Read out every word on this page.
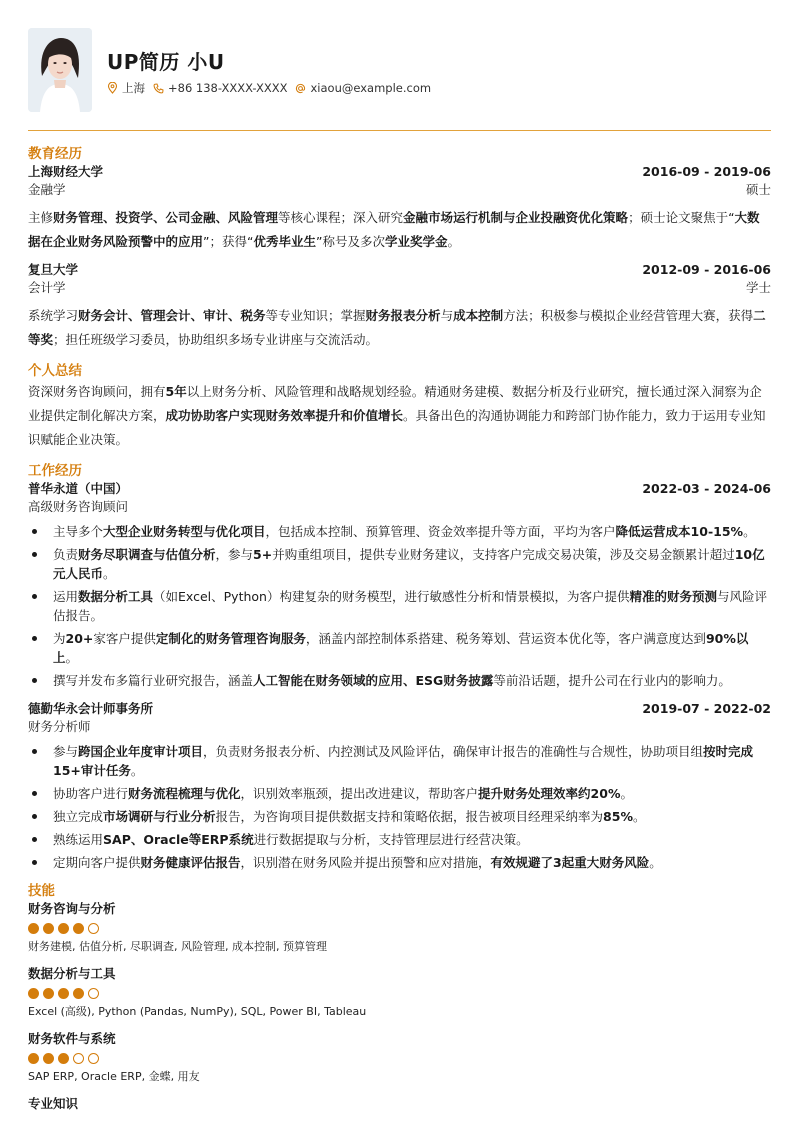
UP简历 小U
上海 +86 138-XXXX-XXXX xiaou@example.com
教育经历
上海财经大学	2016-09 - 2019-06
金融学	硕士
主修财务管理、投资学、公司金融、风险管理等核心课程；深入研究金融市场运行机制与企业投融资优化策略；硕士论文聚焦于“大数据在企业财务风险预警中的应用”；获得“优秀毕业生”称号及多次学业奖学金。
复旦大学	2012-09 - 2016-06
会计学	学士
系统学习财务会计、管理会计、审计、税务等专业知识；掌握财务报表分析与成本控制方法；积极参与模拟企业经营管理大赛，获得二等奖；担任班级学习委员，协助组织多场专业讲座与交流活动。
个人总结
资深财务咨询顾问，拥有5年以上财务分析、风险管理和战略规划经验。精通财务建模、数据分析及行业研究，擅长通过深入洞察为企业提供定制化解决方案，成功协助客户实现财务效率提升和价值增长。具备出色的沟通协调能力和跨部门协作能力，致力于运用专业知识赋能企业决策。
工作经历
普华永道（中国）	2022-03 - 2024-06
高级财务咨询顾问
主导多个大型企业财务转型与优化项目，包括成本控制、预算管理、资金效率提升等方面，平均为客户降低运营成本10-15%。
负责财务尽职调查与估值分析，参与5+并购重组项目，提供专业财务建议，支持客户完成交易决策，涉及交易金额累计超过10亿元人民币。
运用数据分析工具（如Excel、Python）构建复杂的财务模型，进行敏感性分析和情景模拟，为客户提供精准的财务预测与风险评估报告。
为20+家客户提供定制化的财务管理咨询服务，涵盖内部控制体系搭建、税务筹划、营运资本优化等，客户满意度达到90%以上。
撰写并发布多篇行业研究报告，涵盖人工智能在财务领域的应用、ESG财务披露等前沿话题，提升公司在行业内的影响力。
德勤华永会计师事务所	2019-07 - 2022-02
财务分析师
参与跨国企业年度审计项目，负责财务报表分析、内控测试及风险评估，确保审计报告的准确性与合规性，协助项目组按时完成15+审计任务。
协助客户进行财务流程梳理与优化，识别效率瓶颈，提出改进建议，帮助客户提升财务处理效率约20%。
独立完成市场调研与行业分析报告，为咨询项目提供数据支持和策略依据，报告被项目经理采纳率为85%。
熟练运用SAP、Oracle等ERP系统进行数据提取与分析，支持管理层进行经营决策。
定期向客户提供财务健康评估报告，识别潜在财务风险并提出预警和应对措施，有效规避了3起重大财务风险。
技能
财务咨询与分析
财务建模, 估值分析, 尽职调查, 风险管理, 成本控制, 预算管理
数据分析与工具
Excel (高级), Python (Pandas, NumPy), SQL, Power BI, Tableau
财务软件与系统
SAP ERP, Oracle ERP, 金蝶, 用友
专业知识
